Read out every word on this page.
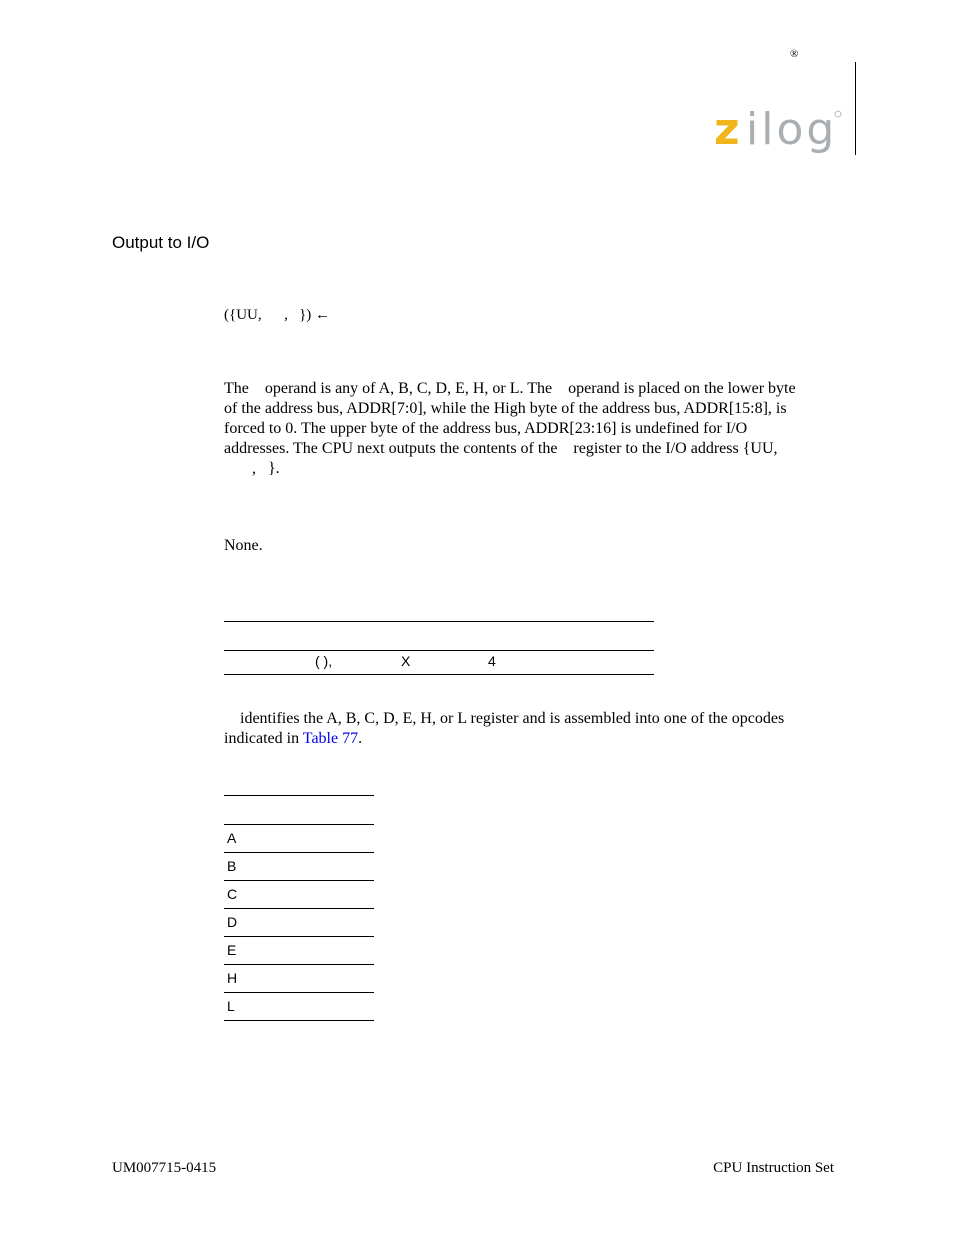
®
z ilog
Output to I/O
({UU,      ,   }) ←

The    operand is any of A, B, C, D, E, H, or L. The    operand is placed on the lower byte

of the address bus, ADDR[7:0], while the High byte of the address bus, ADDR[15:8], is

forced to 0. The upper byte of the address bus, ADDR[23:16] is undefined for I/O

addresses. The CPU next outputs the contents of the    register to the I/O address {UU,

,   }.

None.
( ),	X	4

identifies the A, B, C, D, E, H, or L register and is assembled into one of the opcodes

indicated in Table 77.

A
B
C
D
E
H
L
UM007715-0415	CPU Instruction Set
